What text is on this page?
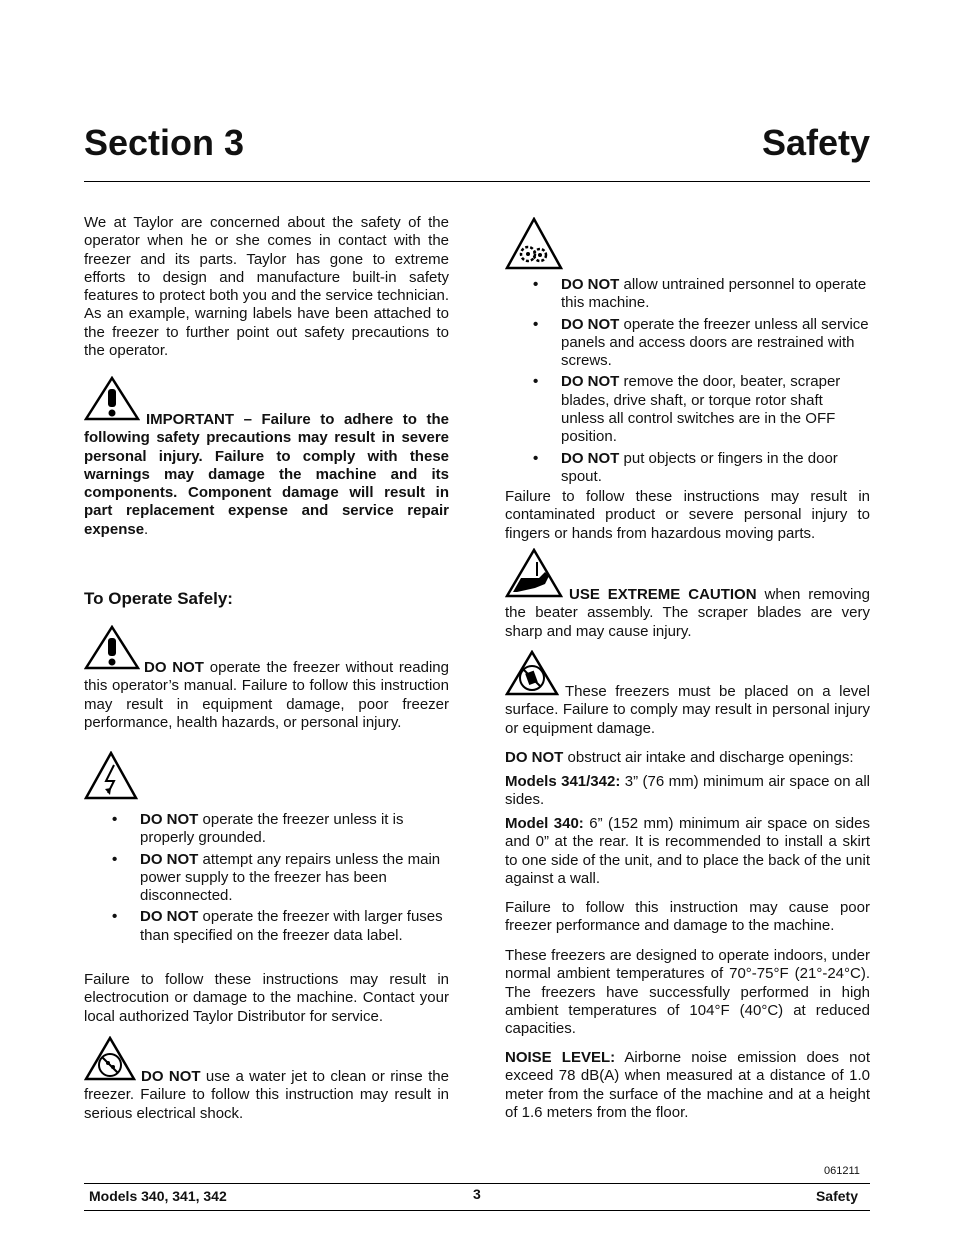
Section 3	Safety

We at Taylor are concerned about the safety of the operator when he or she comes in contact with the freezer and its parts. Taylor has gone to extreme efforts to design and manufacture built-in safety features to protect both you and the service technician. As an example, warning labels have been attached to the freezer to further point out safety precautions to the operator.

IMPORTANT – Failure to adhere to the following safety precautions may result in severe personal injury. Failure to comply with these warnings may damage the machine and its components. Component damage will result in part replacement expense and service repair expense.

To Operate Safely:

DO NOT operate the freezer without reading this operator’s manual. Failure to follow this instruction may result in equipment damage, poor freezer performance, health hazards, or personal injury.

• DO NOT operate the freezer unless it is properly grounded.
• DO NOT attempt any repairs unless the main power supply to the freezer has been disconnected.
• DO NOT operate the freezer with larger fuses than specified on the freezer data label.

Failure to follow these instructions may result in electrocution or damage to the machine. Contact your local authorized Taylor Distributor for service.

DO NOT use a water jet to clean or rinse the freezer. Failure to follow this instruction may result in serious electrical shock.

• DO NOT allow untrained personnel to operate this machine.
• DO NOT operate the freezer unless all service panels and access doors are restrained with screws.
• DO NOT remove the door, beater, scraper blades, drive shaft, or torque rotor shaft unless all control switches are in the OFF position.
• DO NOT put objects or fingers in the door spout.

Failure to follow these instructions may result in contaminated product or severe personal injury to fingers or hands from hazardous moving parts.

USE EXTREME CAUTION when removing the beater assembly. The scraper blades are very sharp and may cause injury.

These freezers must be placed on a level surface. Failure to comply may result in personal injury or equipment damage.

DO NOT obstruct air intake and discharge openings:

Models 341/342: 3” (76 mm) minimum air space on all sides.

Model 340: 6” (152 mm) minimum air space on sides and 0” at the rear. It is recommended to install a skirt to one side of the unit, and to place the back of the unit against a wall.

Failure to follow this instruction may cause poor freezer performance and damage to the machine.

These freezers are designed to operate indoors, under normal ambient temperatures of 70°-75°F (21°-24°C). The freezers have successfully performed in high ambient temperatures of 104°F (40°C) at reduced capacities.

NOISE LEVEL: Airborne noise emission does not exceed 78 dB(A) when measured at a distance of 1.0 meter from the surface of the machine and at a height of 1.6 meters from the floor.

061211
Models 340, 341, 342	3	Safety
